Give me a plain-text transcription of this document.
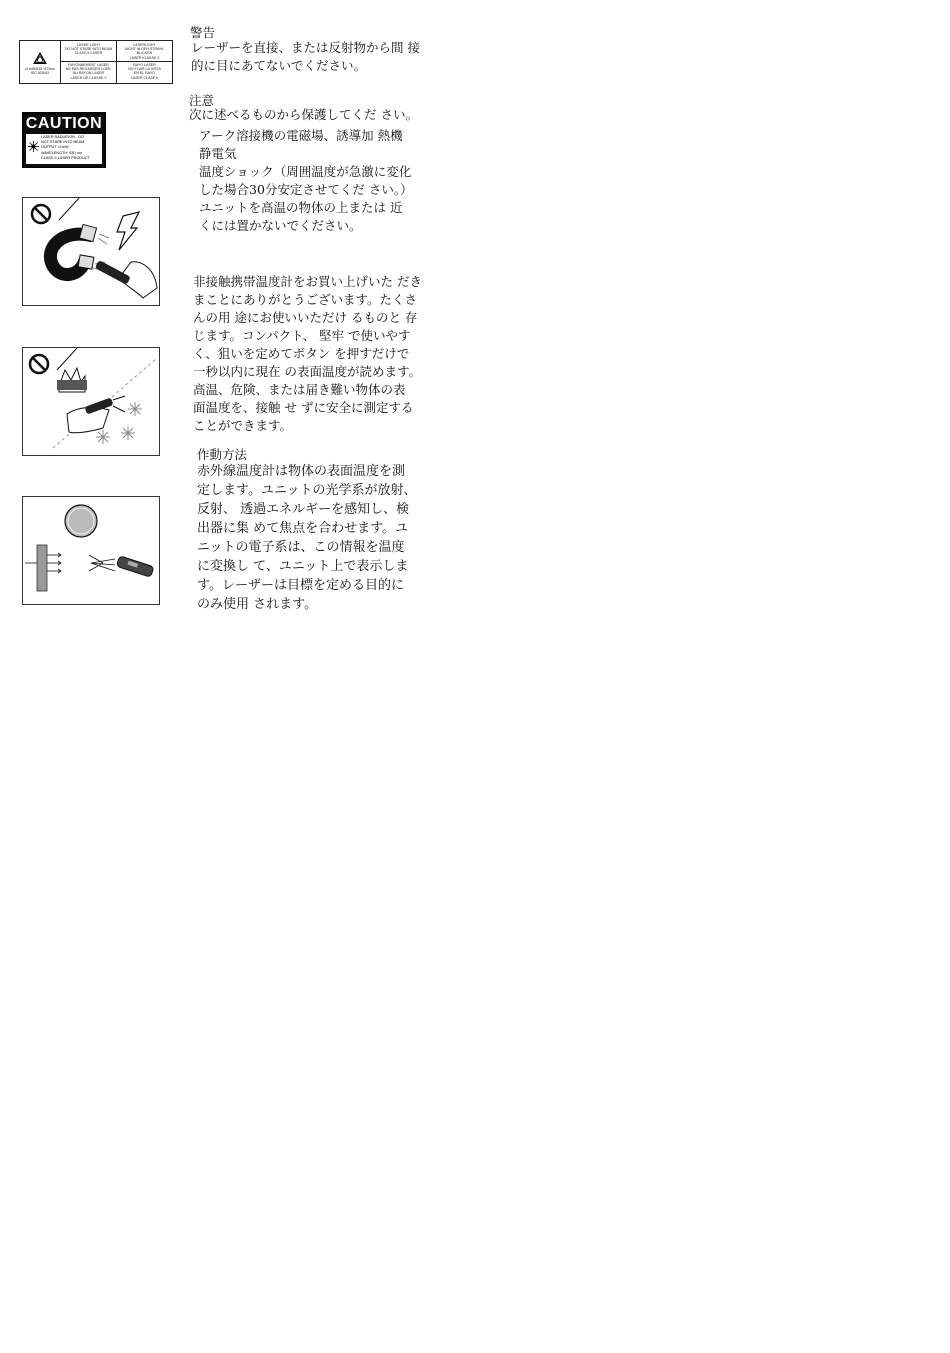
≤1mW/630~670nm
IEC 825/93
LASER LIGHT
DO NOT STARE INTO BEAM
CLASS II LASER
LASERLIGHT
NICHT IN DEN STRAHL BLICKEN
LASER KLASSE 2
RAYONNEMENT LASER
NE PAS REGARDER LOEIL
AU RAYON LASER
LASER DE CLASSE 2
RAYO LASER
NO FIJAR LA VISTA
EN EL RAYO
LASER CLASE II
CAUTION
LASER RADIATION - DO
NOT STARE INTO BEAM
OUTPUT <1mW
WAVELENGTH: 630 nm
CLASS II LASER PRODUCT
警告
レーザーを直接、または反射物から間 接
的に目にあてないでください。
注意
次に述べるものから保護してくだ さい。
アーク溶接機の電磁場、誘導加 熱機
静電気
温度ショック（周囲温度が急激に変化
した場合30分安定させてくだ さい。）
ユニットを高温の物体の上または 近
くには置かないでください。
非接触携帯温度計をお買い上げいた だき
まことにありがとうございます。たくさ
んの用 途にお使いいただけ るものと 存
じます。コンパクト、 堅牢 で使いやす
く、狙いを定めてボタン を押すだけで
一秒以内に現在 の表面温度が読めます。
高温、危険、または届き難い物体の表
面温度を、接触 せ ずに安全に測定する
ことができます。
作動方法
赤外線温度計は物体の表面温度を測
定します。ユニットの光学系が放射、
反射、 透過エネルギーを感知し、検
出器に集 めて焦点を合わせます。ユ
ニットの電子系は、この情報を温度
に変換し て、ユニット上で表示しま
す。レーザーは目標を定める目的に
のみ使用 されます。
